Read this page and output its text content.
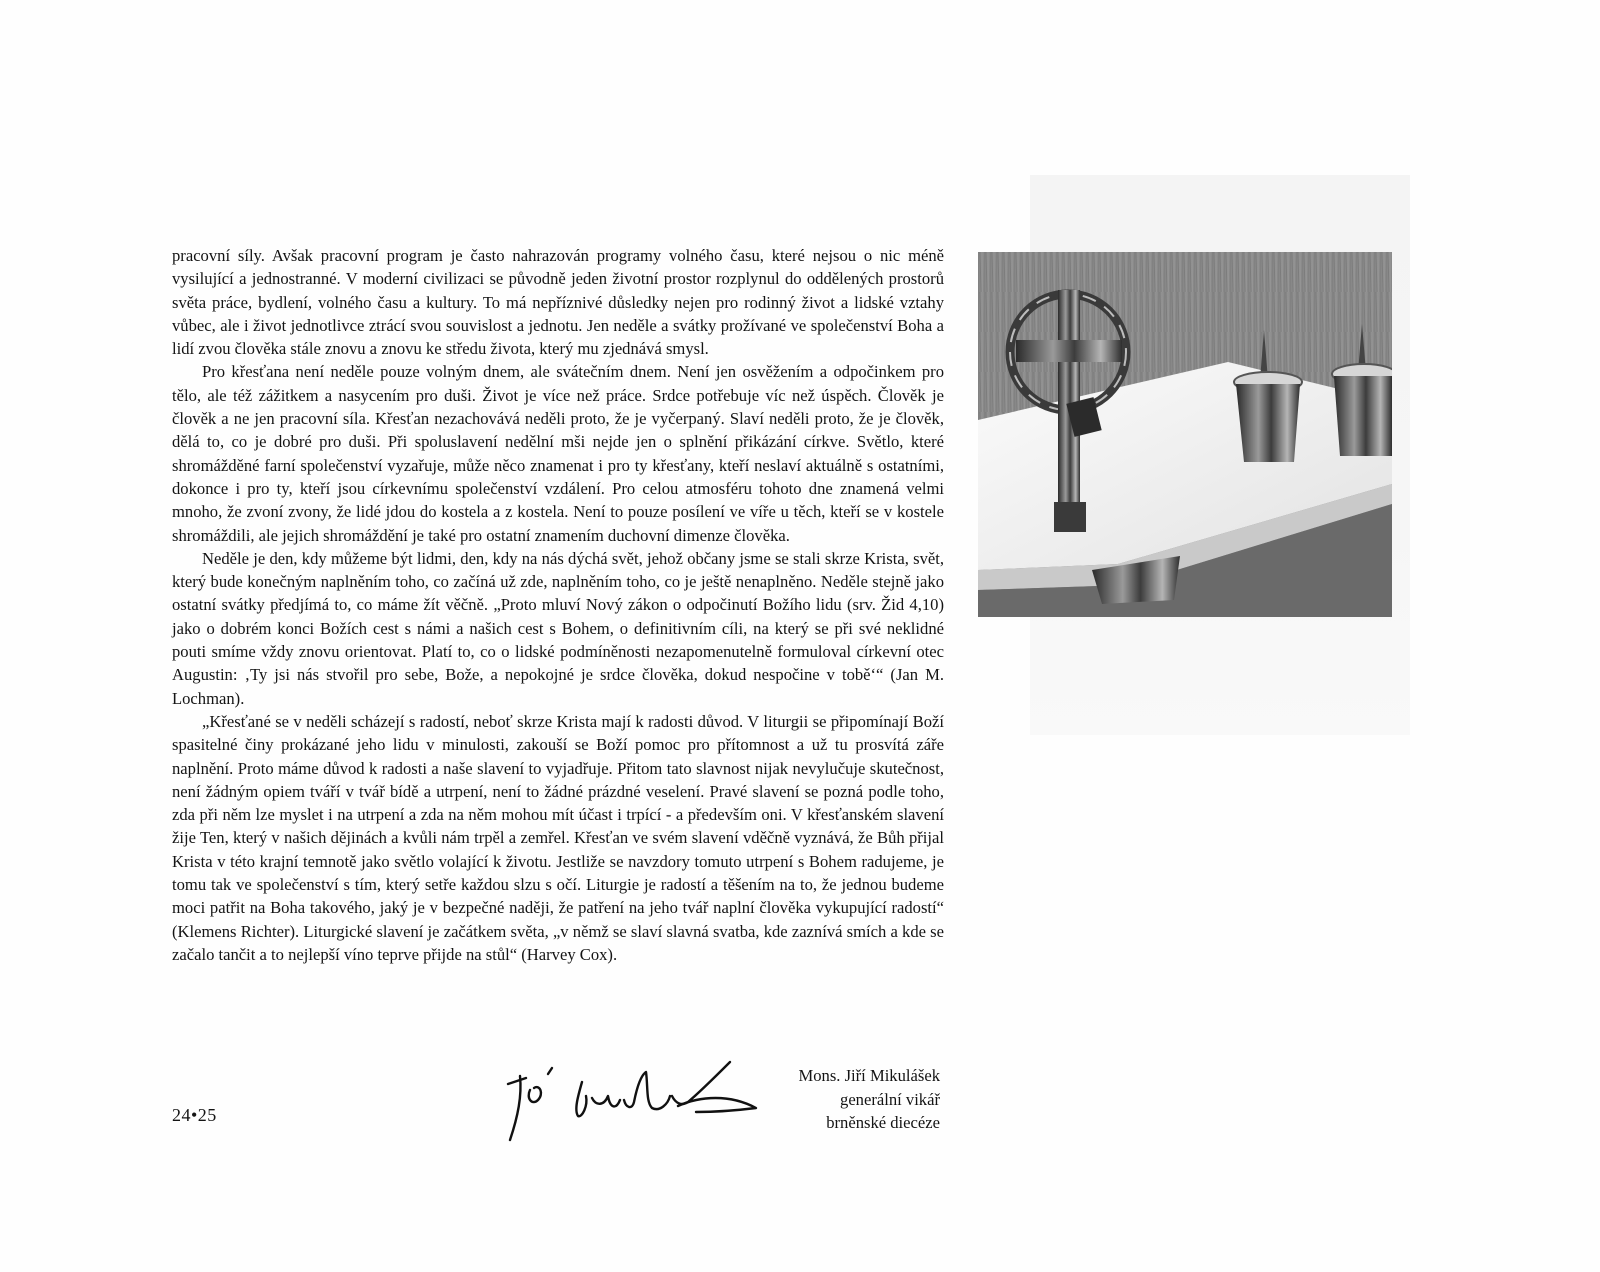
pracovní síly. Avšak pracovní program je často nahrazován programy volného času, které nejsou o nic méně vysilující a jednostranné. V moderní civilizaci se původně jeden životní prostor rozplynul do oddělených prostorů světa práce, bydlení, volného času a kultury. To má nepříznivé důsledky nejen pro rodinný život a lidské vztahy vůbec, ale i život jednotlivce ztrácí svou souvislost a jednotu. Jen neděle a svátky prožívané ve společenství Boha a lidí zvou člověka stále znovu a znovu ke středu života, který mu zjednává smysl.

Pro křesťana není neděle pouze volným dnem, ale svátečním dnem. Není jen osvěžením a odpočinkem pro tělo, ale též zážitkem a nasycením pro duši. Život je více než práce. Srdce potřebuje víc než úspěch. Člověk je člověk a ne jen pracovní síla. Křesťan nezachovává neděli proto, že je vyčerpaný. Slaví neděli proto, že je člověk, dělá to, co je dobré pro duši. Při spoluslavení nedělní mši nejde jen o splnění přikázání církve. Světlo, které shromážděné farní společenství vyzařuje, může něco znamenat i pro ty křesťany, kteří neslaví aktuálně s ostatními, dokonce i pro ty, kteří jsou církevnímu společenství vzdálení. Pro celou atmosféru tohoto dne znamená velmi mnoho, že zvoní zvony, že lidé jdou do kostela a z kostela. Není to pouze posílení ve víře u těch, kteří se v kostele shromáždili, ale jejich shromáždění je také pro ostatní znamením duchovní dimenze člověka.

Neděle je den, kdy můžeme být lidmi, den, kdy na nás dýchá svět, jehož občany jsme se stali skrze Krista, svět, který bude konečným naplněním toho, co začíná už zde, naplněním toho, co je ještě nenaplněno. Neděle stejně jako ostatní svátky předjímá to, co máme žít věčně. „Proto mluví Nový zákon o odpočinutí Božího lidu (srv. Žid 4,10) jako o dobrém konci Božích cest s námi a našich cest s Bohem, o definitivním cíli, na který se při své neklidné pouti smíme vždy znovu orientovat. Platí to, co o lidské podmíněnosti nezapomenutelně formuloval církevní otec Augustin: ‚Ty jsi nás stvořil pro sebe, Bože, a nepokojné je srdce člověka, dokud nespočine v tobě‘“ (Jan M. Lochman).

„Křesťané se v neděli scházejí s radostí, neboť skrze Krista mají k radosti důvod. V liturgii se připomínají Boží spasitelné činy prokázané jeho lidu v minulosti, zakouší se Boží pomoc pro přítomnost a už tu prosvítá záře naplnění. Proto máme důvod k radosti a naše slavení to vyjadřuje. Přitom tato slavnost nijak nevylučuje skutečnost, není žádným opiem tváří v tvář bídě a utrpení, není to žádné prázdné veselení. Pravé slavení se pozná podle toho, zda při něm lze myslet i na utrpení a zda na něm mohou mít účast i trpící - a především oni. V křesťanském slavení žije Ten, který v našich dějinách a kvůli nám trpěl a zemřel. Křesťan ve svém slavení vděčně vyznává, že Bůh přijal Krista v této krajní temnotě jako světlo volající k životu. Jestliže se navzdory tomuto utrpení s Bohem radujeme, je tomu tak ve společenství s tím, který setře každou slzu s očí. Liturgie je radostí a těšením na to, že jednou budeme moci patřit na Boha takového, jaký je v bezpečné naději, že patření na jeho tvář naplní člověka vykupující radostí“ (Klemens Richter). Liturgické slavení je začátkem světa, „v němž se slaví slavná svatba, kde zaznívá smích a kde se začalo tančit a to nejlepší víno teprve přijde na stůl“ (Harvey Cox).

Mons. Jiří Mikulášek
generální vikář
brněnské diecéze
24•25
